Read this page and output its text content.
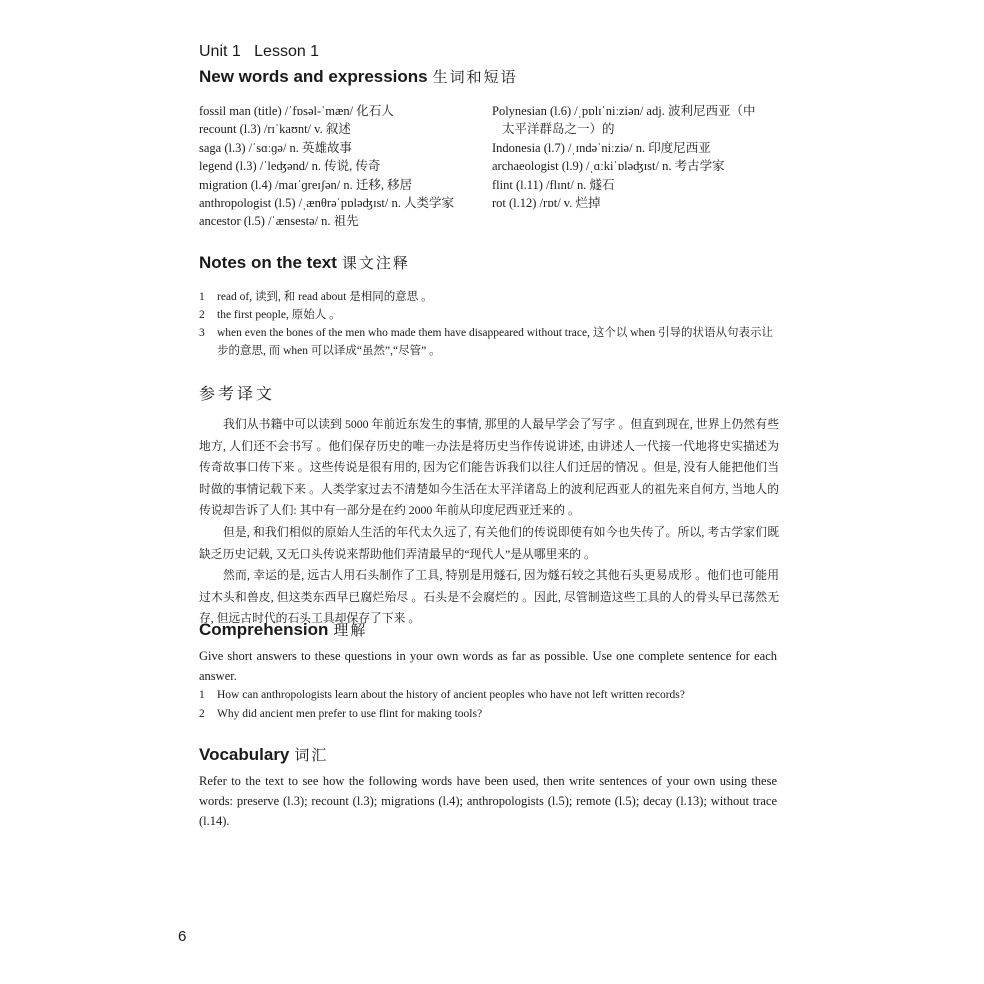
Unit 1 Lesson 1
New words and expressions 生词和短语
fossil man (title) /ˈfɒsəl-ˈmæn/ 化石人
recount (l.3) /rɪˈkaʊnt/ v. 叙述
saga (l.3) /ˈsɑːɡə/ n. 英雄故事
legend (l.3) /ˈleʤənd/ n. 传说, 传奇
migration (l.4) /maɪˈɡreɪʃən/ n. 迁移, 移居
anthropologist (l.5) /ˌænθrəˈpɒləʤɪst/ n. 人类学家
ancestor (l.5) /ˈænsestə/ n. 祖先
Polynesian (l.6) /ˌpɒlɪˈniːziən/ adj. 波利尼西亚（中
太平洋群岛之一）的
Indonesia (l.7) /ˌɪndəˈniːziə/ n. 印度尼西亚
archaeologist (l.9) /ˌɑːkiˈɒləʤɪst/ n. 考古学家
flint (l.11) /flɪnt/ n. 燧石
rot (l.12) /rɒt/ v. 烂掉
Notes on the text 课文注释
1	read of, 读到, 和 read about 是相同的意思 。
2	the first people, 原始人 。
3	when even the bones of the men who made them have disappeared without trace, 这个以 when 引导的状语从句表示让步的意思, 而 when 可以译成“虽然”,“尽管” 。
参考译文

我们从书籍中可以读到 5000 年前近东发生的事情, 那里的人最早学会了写字 。但直到现在, 世界上仍然有些地方, 人们还不会书写 。他们保存历史的唯一办法是将历史当作传说讲述, 由讲述人一代接一代地将史实描述为传奇故事口传下来 。这些传说是很有用的, 因为它们能告诉我们以往人们迁居的情况 。但是, 没有人能把他们当时做的事情记载下来 。人类学家过去不清楚如今生活在太平洋诸岛上的波利尼西亚人的祖先来自何方, 当地人的传说却告诉了人们: 其中有一部分是在约 2000 年前从印度尼西亚迁来的 。

但是, 和我们相似的原始人生活的年代太久远了, 有关他们的传说即使有如今也失传了。所以, 考古学家们既缺乏历史记载, 又无口头传说来帮助他们弄清最早的“现代人”是从哪里来的 。

然而, 幸运的是, 远古人用石头制作了工具, 特别是用燧石, 因为燧石较之其他石头更易成形 。他们也可能用过木头和兽皮, 但这类东西早已腐烂殆尽 。石头是不会腐烂的 。因此, 尽管制造这些工具的人的骨头早已荡然无存, 但远古时代的石头工具却保存了下来 。

Comprehension 理解
Give short answers to these questions in your own words as far as possible. Use one complete sentence for each answer.
1	How can anthropologists learn about the history of ancient peoples who have not left written records?
2	Why did ancient men prefer to use flint for making tools?
Vocabulary 词汇
Refer to the text to see how the following words have been used, then write sentences of your own using these words: preserve (l.3); recount (l.3); migrations (l.4); anthropologists (l.5); remote (l.5); decay (l.13); without trace (l.14).
6
